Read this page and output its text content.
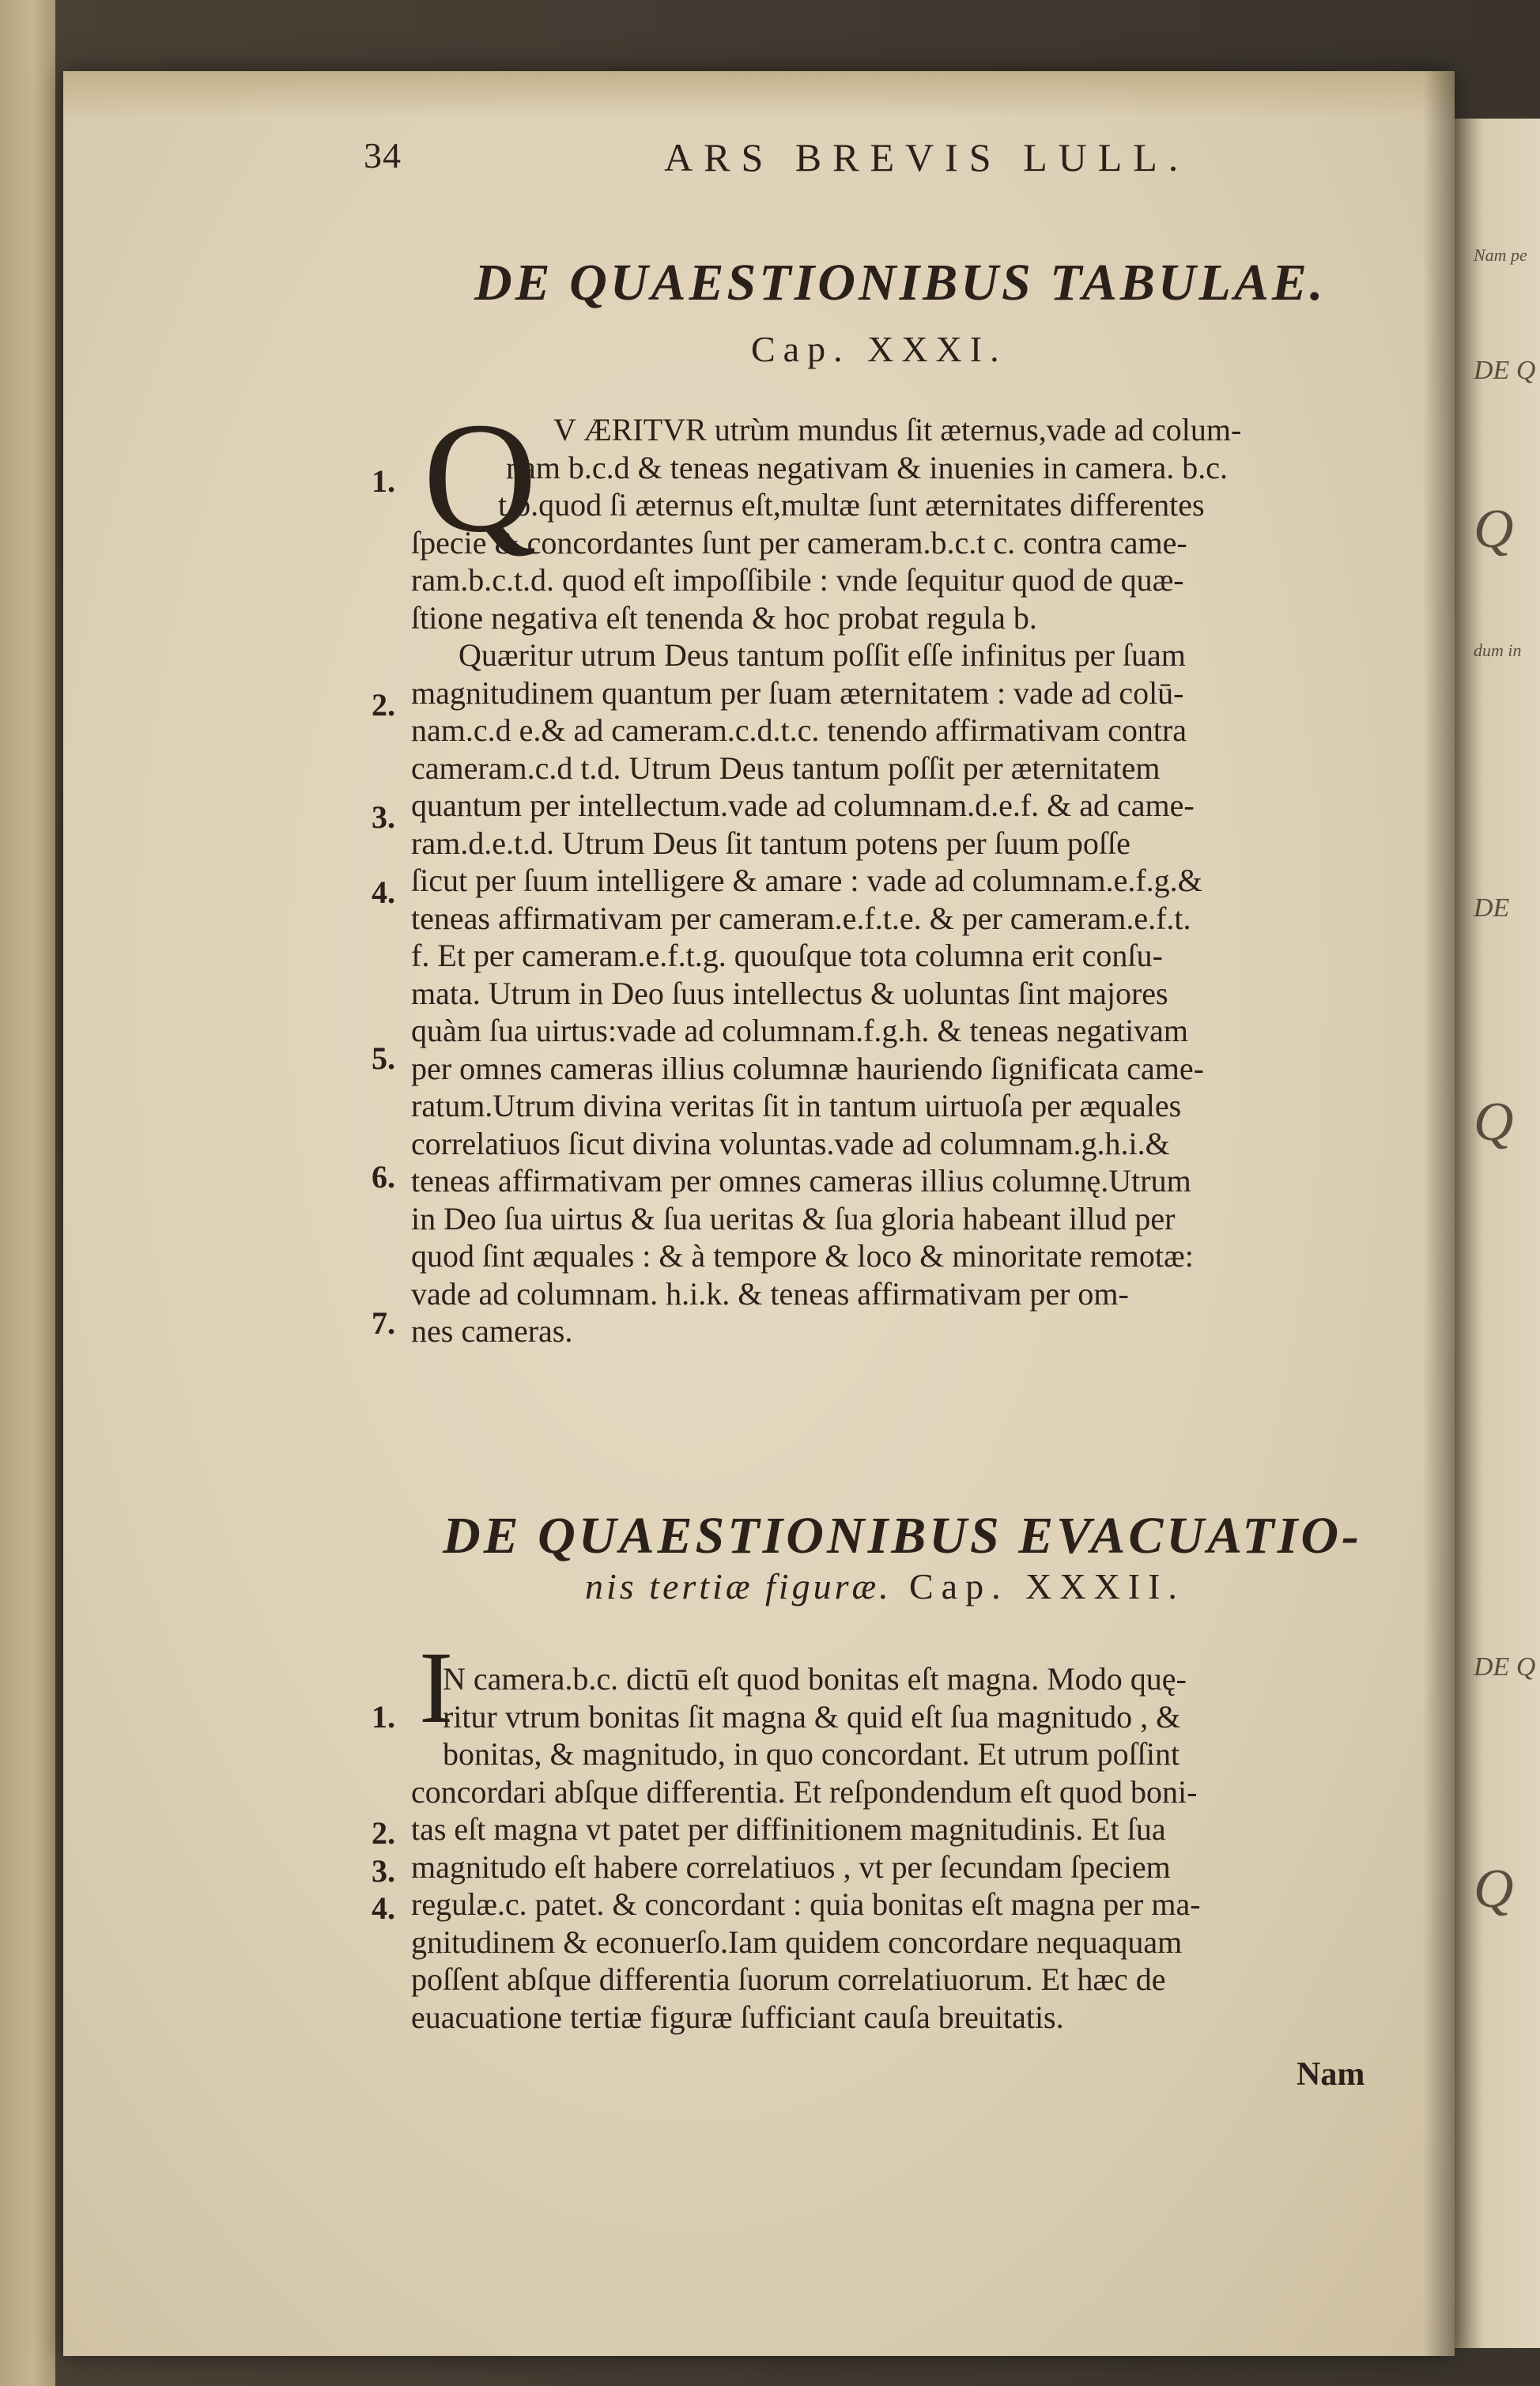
Nam pe
DE Q
Q
dum in
DE
Q
DE Q
Q
34	ARS BREVIS LULL.
DE QUAESTIONIBUS TABULAE.
Cap. XXXI.
Q
1.
2.
3.
4.
5.
6.
7.
V ÆRITVR utrùm mundus ſit æternus,vade ad colum-
nam b.c.d & teneas negativam & inuenies in camera. b.c.
t.b.quod ſi æternus eſt,multæ ſunt æternitates differentes
ſpecie & concordantes ſunt per cameram.b.c.t c. contra came-
ram.b.c.t.d. quod eſt impoſſibile : vnde ſequitur quod de quæ-
ſtione negativa eſt tenenda & hoc probat regula b.
Quæritur utrum Deus tantum poſſit eſſe infinitus per ſuam
magnitudinem quantum per ſuam æternitatem : vade ad colū-
nam.c.d e.& ad cameram.c.d.t.c. tenendo affirmativam contra
cameram.c.d t.d. Utrum Deus tantum poſſit per æternitatem
quantum per intellectum.vade ad columnam.d.e.f. & ad came-
ram.d.e.t.d. Utrum Deus ſit tantum potens per ſuum poſſe
ſicut per ſuum intelligere & amare : vade ad columnam.e.f.g.&
teneas affirmativam per cameram.e.f.t.e. & per cameram.e.f.t.
f. Et per cameram.e.f.t.g. quouſque tota columna erit conſu-
mata. Utrum in Deo ſuus intellectus & uoluntas ſint majores
quàm ſua uirtus:vade ad columnam.f.g.h. & teneas negativam
per omnes cameras illius columnæ hauriendo ſignificata came-
ratum.Utrum divina veritas ſit in tantum uirtuoſa per æquales
correlatiuos ſicut divina voluntas.vade ad columnam.g.h.i.&
teneas affirmativam per omnes cameras illius columnę.Utrum
in Deo ſua uirtus & ſua ueritas & ſua gloria habeant illud per
quod ſint æquales : & à tempore & loco & minoritate remotæ:
vade ad columnam. h.i.k. & teneas affirmativam per om-
nes cameras.
DE QUAESTIONIBUS EVACUATIO-
nis tertiæ figuræ. Cap. XXXII.
I
1.
2.
3.
4.
N camera.b.c. dictū eſt quod bonitas eſt magna. Modo quę-
ritur vtrum bonitas ſit magna & quid eſt ſua magnitudo , &
bonitas, & magnitudo, in quo concordant. Et utrum poſſint
concordari abſque differentia. Et reſpondendum eſt quod boni-
tas eſt magna vt patet per diffinitionem magnitudinis. Et ſua
magnitudo eſt habere correlatiuos , vt per ſecundam ſpeciem
regulæ.c. patet. & concordant : quia bonitas eſt magna per ma-
gnitudinem & econuerſo.Iam quidem concordare nequaquam
poſſent abſque differentia ſuorum correlatiuorum. Et hæc de
euacuatione tertiæ figuræ ſufficiant cauſa breuitatis.
Nam
